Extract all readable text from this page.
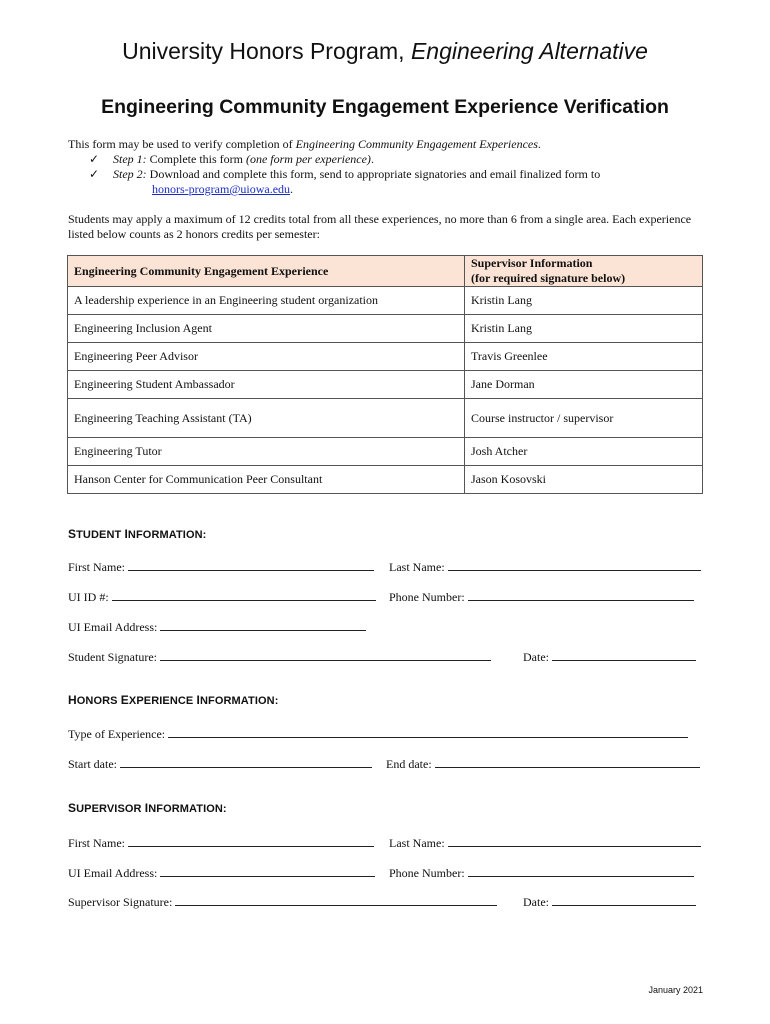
University Honors Program, Engineering Alternative
Engineering Community Engagement Experience Verification
This form may be used to verify completion of Engineering Community Engagement Experiences.
✓ Step 1: Complete this form (one form per experience).
✓ Step 2: Download and complete this form, send to appropriate signatories and email finalized form to
honors-program@uiowa.edu.
Students may apply a maximum of 12 credits total from all these experiences, no more than 6 from a single area. Each experience listed below counts as 2 honors credits per semester:
Engineering Community Engagement Experience	Supervisor Information
(for required signature below)

A leadership experience in an Engineering student organization	Kristin Lang
Engineering Inclusion Agent	Kristin Lang
Engineering Peer Advisor	Travis Greenlee
Engineering Student Ambassador	Jane Dorman
Engineering Teaching Assistant (TA)	Course instructor / supervisor
Engineering Tutor	Josh Atcher
Hanson Center for Communication Peer Consultant	Jason Kosovski
STUDENT INFORMATION:
First Name:	Last Name:
UI ID #:	Phone Number:
UI Email Address:
Student Signature:	Date:
HONORS EXPERIENCE INFORMATION:
Type of Experience:
Start date:	End date:
SUPERVISOR INFORMATION:
First Name:	Last Name:
UI Email Address:	Phone Number:
Supervisor Signature:	Date:
January 2021
